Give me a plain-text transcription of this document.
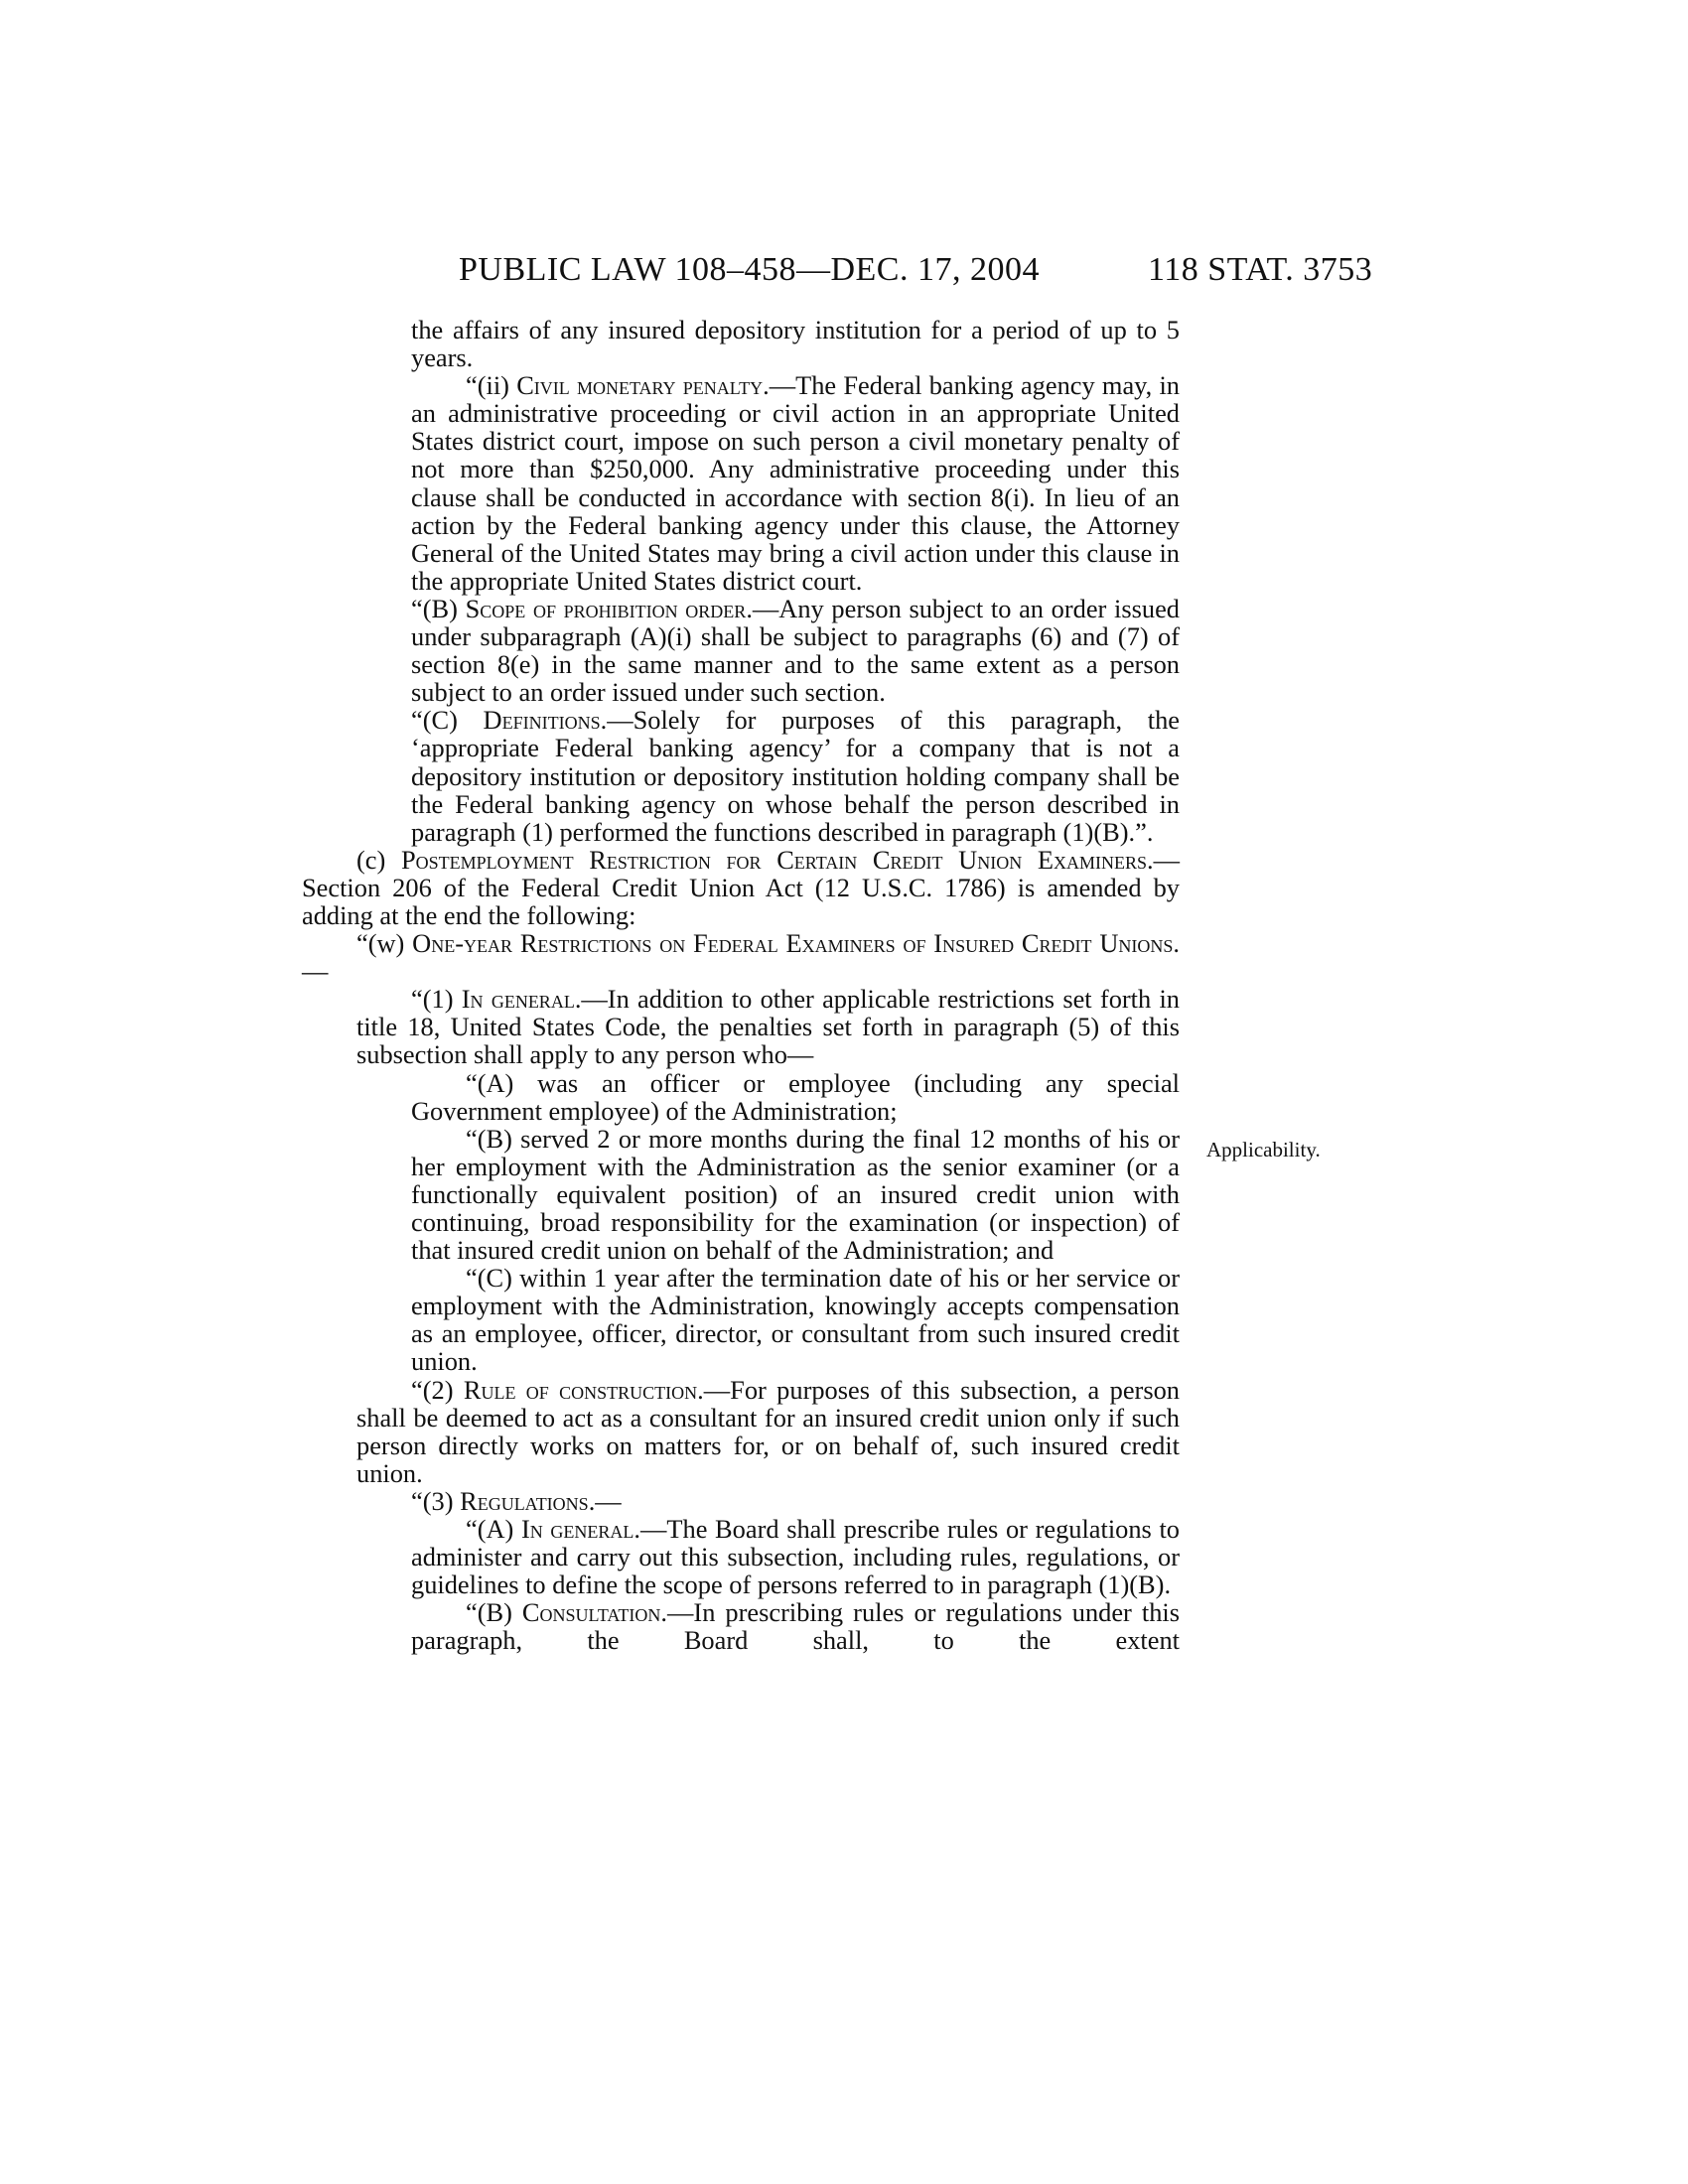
PUBLIC LAW 108–458—DEC. 17, 2004	118 STAT. 3753
Applicability.

the affairs of any insured depository institution for a period of up to 5 years.

“(ii) Civil monetary penalty.—The Federal banking agency may, in an administrative proceeding or civil action in an appropriate United States district court, impose on such person a civil monetary penalty of not more than $250,000. Any administrative proceeding under this clause shall be conducted in accordance with section 8(i). In lieu of an action by the Federal banking agency under this clause, the Attorney General of the United States may bring a civil action under this clause in the appropriate United States district court.

“(B) Scope of prohibition order.—Any person subject to an order issued under subparagraph (A)(i) shall be subject to paragraphs (6) and (7) of section 8(e) in the same manner and to the same extent as a person subject to an order issued under such section.

“(C) Definitions.—Solely for purposes of this paragraph, the ‘appropriate Federal banking agency’ for a company that is not a depository institution or depository institution holding company shall be the Federal banking agency on whose behalf the person described in paragraph (1) performed the functions described in paragraph (1)(B).”.

(c) Postemployment Restriction for Certain Credit Union Examiners.—Section 206 of the Federal Credit Union Act (12 U.S.C. 1786) is amended by adding at the end the following:

“(w) One-year Restrictions on Federal Examiners of Insured Credit Unions.—

“(1) In general.—In addition to other applicable restrictions set forth in title 18, United States Code, the penalties set forth in paragraph (5) of this subsection shall apply to any person who—

“(A) was an officer or employee (including any special Government employee) of the Administration;

“(B) served 2 or more months during the final 12 months of his or her employment with the Administration as the senior examiner (or a functionally equivalent position) of an insured credit union with continuing, broad responsibility for the examination (or inspection) of that insured credit union on behalf of the Administration; and

“(C) within 1 year after the termination date of his or her service or employment with the Administration, knowingly accepts compensation as an employee, officer, director, or consultant from such insured credit union.

“(2) Rule of construction.—For purposes of this subsection, a person shall be deemed to act as a consultant for an insured credit union only if such person directly works on matters for, or on behalf of, such insured credit union.

“(3) Regulations.—

“(A) In general.—The Board shall prescribe rules or regulations to administer and carry out this subsection, including rules, regulations, or guidelines to define the scope of persons referred to in paragraph (1)(B).

“(B) Consultation.—In prescribing rules or regulations under this paragraph, the Board shall, to the extent
